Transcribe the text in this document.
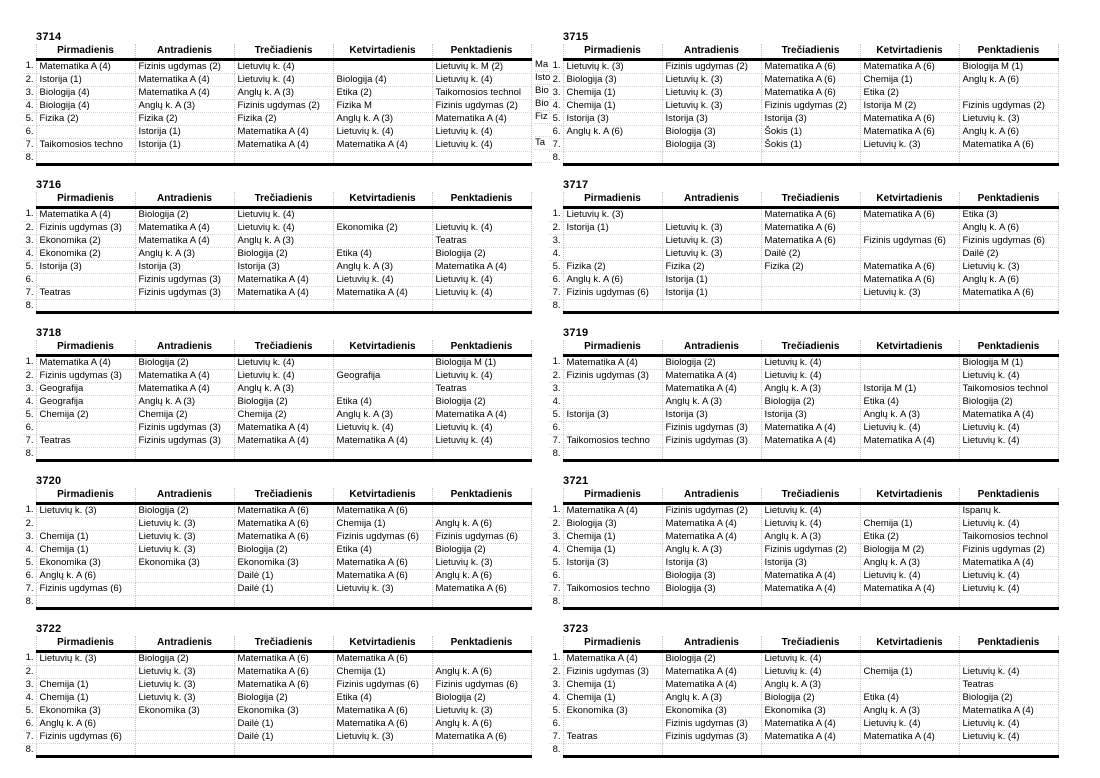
3714
	Pirmadienis	Antradienis	Trečiadienis	Ketvirtadienis	Penktadienis
1.	Matematika A (4)	Fizinis ugdymas (2)	Lietuvių k. (4)		Lietuvių k. M (2)
2.	Istorija (1)	Matematika A (4)	Lietuvių k. (4)	Biologija (4)	Lietuvių k. (4)
3.	Biologija (4)	Matematika A (4)	Anglų k. A (3)	Etika (2)	Taikomosios technol
4.	Biologija (4)	Anglų k. A (3)	Fizinis ugdymas (2)	Fizika M	Fizinis ugdymas (2)
5.	Fizika (2)	Fizika (2)	Fizika (2)	Anglų k. A (3)	Matematika A (4)
6.		Istorija (1)	Matematika A (4)	Lietuvių k. (4)	Lietuvių k. (4)
7.	Taikomosios techno	Istorija (1)	Matematika A (4)	Matematika A (4)	Lietuvių k. (4)
8.					
Ma
Isto
Bio
Bio
Fiz
Ta
3715
	Pirmadienis	Antradienis	Trečiadienis	Ketvirtadienis	Penktadienis
1.	Lietuvių k. (3)	Fizinis ugdymas (2)	Matematika A (6)	Matematika A (6)	Biologija M (1)
2.	Biologija (3)	Lietuvių k. (3)	Matematika A (6)	Chemija (1)	Anglų k. A (6)
3.	Chemija (1)	Lietuvių k. (3)	Matematika A (6)	Etika (2)	
4.	Chemija (1)	Lietuvių k. (3)	Fizinis ugdymas (2)	Istorija M (2)	Fizinis ugdymas (2)
5.	Istorija (3)	Istorija (3)	Istorija (3)	Matematika A (6)	Lietuvių k. (3)
6.	Anglų k. A (6)	Biologija (3)	Šokis (1)	Matematika A (6)	Anglų k. A (6)
7.		Biologija (3)	Šokis (1)	Lietuvių k. (3)	Matematika A (6)
8.					
3716
	Pirmadienis	Antradienis	Trečiadienis	Ketvirtadienis	Penktadienis
1.	Matematika A (4)	Biologija (2)	Lietuvių k. (4)		
2.	Fizinis ugdymas (3)	Matematika A (4)	Lietuvių k. (4)	Ekonomika (2)	Lietuvių k. (4)
3.	Ekonomika (2)	Matematika A (4)	Anglų k. A (3)		Teatras
4.	Ekonomika (2)	Anglų k. A (3)	Biologija (2)	Etika (4)	Biologija (2)
5.	Istorija (3)	Istorija (3)	Istorija (3)	Anglų k. A (3)	Matematika A (4)
6.		Fizinis ugdymas (3)	Matematika A (4)	Lietuvių k. (4)	Lietuvių k. (4)
7.	Teatras	Fizinis ugdymas (3)	Matematika A (4)	Matematika A (4)	Lietuvių k. (4)
8.					
3717
	Pirmadienis	Antradienis	Trečiadienis	Ketvirtadienis	Penktadienis
1.	Lietuvių k. (3)		Matematika A (6)	Matematika A (6)	Etika (3)
2.	Istorija (1)	Lietuvių k. (3)	Matematika A (6)		Anglų k. A (6)
3.		Lietuvių k. (3)	Matematika A (6)	Fizinis ugdymas (6)	Fizinis ugdymas (6)
4.		Lietuvių k. (3)	Dailė (2)		Dailė (2)
5.	Fizika (2)	Fizika (2)	Fizika (2)	Matematika A (6)	Lietuvių k. (3)
6.	Anglų k. A (6)	Istorija (1)		Matematika A (6)	Anglų k. A (6)
7.	Fizinis ugdymas (6)	Istorija (1)		Lietuvių k. (3)	Matematika A (6)
8.					
3718
	Pirmadienis	Antradienis	Trečiadienis	Ketvirtadienis	Penktadienis
1.	Matematika A (4)	Biologija (2)	Lietuvių k. (4)		Biologija M (1)
2.	Fizinis ugdymas (3)	Matematika A (4)	Lietuvių k. (4)	Geografija	Lietuvių k. (4)
3.	Geografija	Matematika A (4)	Anglų k. A (3)		Teatras
4.	Geografija	Anglų k. A (3)	Biologija (2)	Etika (4)	Biologija (2)
5.	Chemija (2)	Chemija (2)	Chemija (2)	Anglų k. A (3)	Matematika A (4)
6.		Fizinis ugdymas (3)	Matematika A (4)	Lietuvių k. (4)	Lietuvių k. (4)
7.	Teatras	Fizinis ugdymas (3)	Matematika A (4)	Matematika A (4)	Lietuvių k. (4)
8.					
3719
	Pirmadienis	Antradienis	Trečiadienis	Ketvirtadienis	Penktadienis
1.	Matematika A (4)	Biologija (2)	Lietuvių k. (4)		Biologija M (1)
2.	Fizinis ugdymas (3)	Matematika A (4)	Lietuvių k. (4)		Lietuvių k. (4)
3.		Matematika A (4)	Anglų k. A (3)	Istorija M (1)	Taikomosios technol
4.		Anglų k. A (3)	Biologija (2)	Etika (4)	Biologija (2)
5.	Istorija (3)	Istorija (3)	Istorija (3)	Anglų k. A (3)	Matematika A (4)
6.		Fizinis ugdymas (3)	Matematika A (4)	Lietuvių k. (4)	Lietuvių k. (4)
7.	Taikomosios techno	Fizinis ugdymas (3)	Matematika A (4)	Matematika A (4)	Lietuvių k. (4)
8.					
3720
	Pirmadienis	Antradienis	Trečiadienis	Ketvirtadienis	Penktadienis
1.	Lietuvių k. (3)	Biologija (2)	Matematika A (6)	Matematika A (6)	
2.		Lietuvių k. (3)	Matematika A (6)	Chemija (1)	Anglų k. A (6)
3.	Chemija (1)	Lietuvių k. (3)	Matematika A (6)	Fizinis ugdymas (6)	Fizinis ugdymas (6)
4.	Chemija (1)	Lietuvių k. (3)	Biologija (2)	Etika (4)	Biologija (2)
5.	Ekonomika (3)	Ekonomika (3)	Ekonomika (3)	Matematika A (6)	Lietuvių k. (3)
6.	Anglų k. A (6)		Dailė (1)	Matematika A (6)	Anglų k. A (6)
7.	Fizinis ugdymas (6)		Dailė (1)	Lietuvių k. (3)	Matematika A (6)
8.					
3721
	Pirmadienis	Antradienis	Trečiadienis	Ketvirtadienis	Penktadienis
1.	Matematika A (4)	Fizinis ugdymas (2)	Lietuvių k. (4)		Ispanų k.
2.	Biologija (3)	Matematika A (4)	Lietuvių k. (4)	Chemija (1)	Lietuvių k. (4)
3.	Chemija (1)	Matematika A (4)	Anglų k. A (3)	Etika (2)	Taikomosios technol
4.	Chemija (1)	Anglų k. A (3)	Fizinis ugdymas (2)	Biologija M (2)	Fizinis ugdymas (2)
5.	Istorija (3)	Istorija (3)	Istorija (3)	Anglų k. A (3)	Matematika A (4)
6.		Biologija (3)	Matematika A (4)	Lietuvių k. (4)	Lietuvių k. (4)
7.	Taikomosios techno	Biologija (3)	Matematika A (4)	Matematika A (4)	Lietuvių k. (4)
8.					
3722
	Pirmadienis	Antradienis	Trečiadienis	Ketvirtadienis	Penktadienis
1.	Lietuvių k. (3)	Biologija (2)	Matematika A (6)	Matematika A (6)	
2.		Lietuvių k. (3)	Matematika A (6)	Chemija (1)	Anglų k. A (6)
3.	Chemija (1)	Lietuvių k. (3)	Matematika A (6)	Fizinis ugdymas (6)	Fizinis ugdymas (6)
4.	Chemija (1)	Lietuvių k. (3)	Biologija (2)	Etika (4)	Biologija (2)
5.	Ekonomika (3)	Ekonomika (3)	Ekonomika (3)	Matematika A (6)	Lietuvių k. (3)
6.	Anglų k. A (6)		Dailė (1)	Matematika A (6)	Anglų k. A (6)
7.	Fizinis ugdymas (6)		Dailė (1)	Lietuvių k. (3)	Matematika A (6)
8.					
3723
	Pirmadienis	Antradienis	Trečiadienis	Ketvirtadienis	Penktadienis
1.	Matematika A (4)	Biologija (2)	Lietuvių k. (4)		
2.	Fizinis ugdymas (3)	Matematika A (4)	Lietuvių k. (4)	Chemija (1)	Lietuvių k. (4)
3.	Chemija (1)	Matematika A (4)	Anglų k. A (3)		Teatras
4.	Chemija (1)	Anglų k. A (3)	Biologija (2)	Etika (4)	Biologija (2)
5.	Ekonomika (3)	Ekonomika (3)	Ekonomika (3)	Anglų k. A (3)	Matematika A (4)
6.		Fizinis ugdymas (3)	Matematika A (4)	Lietuvių k. (4)	Lietuvių k. (4)
7.	Teatras	Fizinis ugdymas (3)	Matematika A (4)	Matematika A (4)	Lietuvių k. (4)
8.					
